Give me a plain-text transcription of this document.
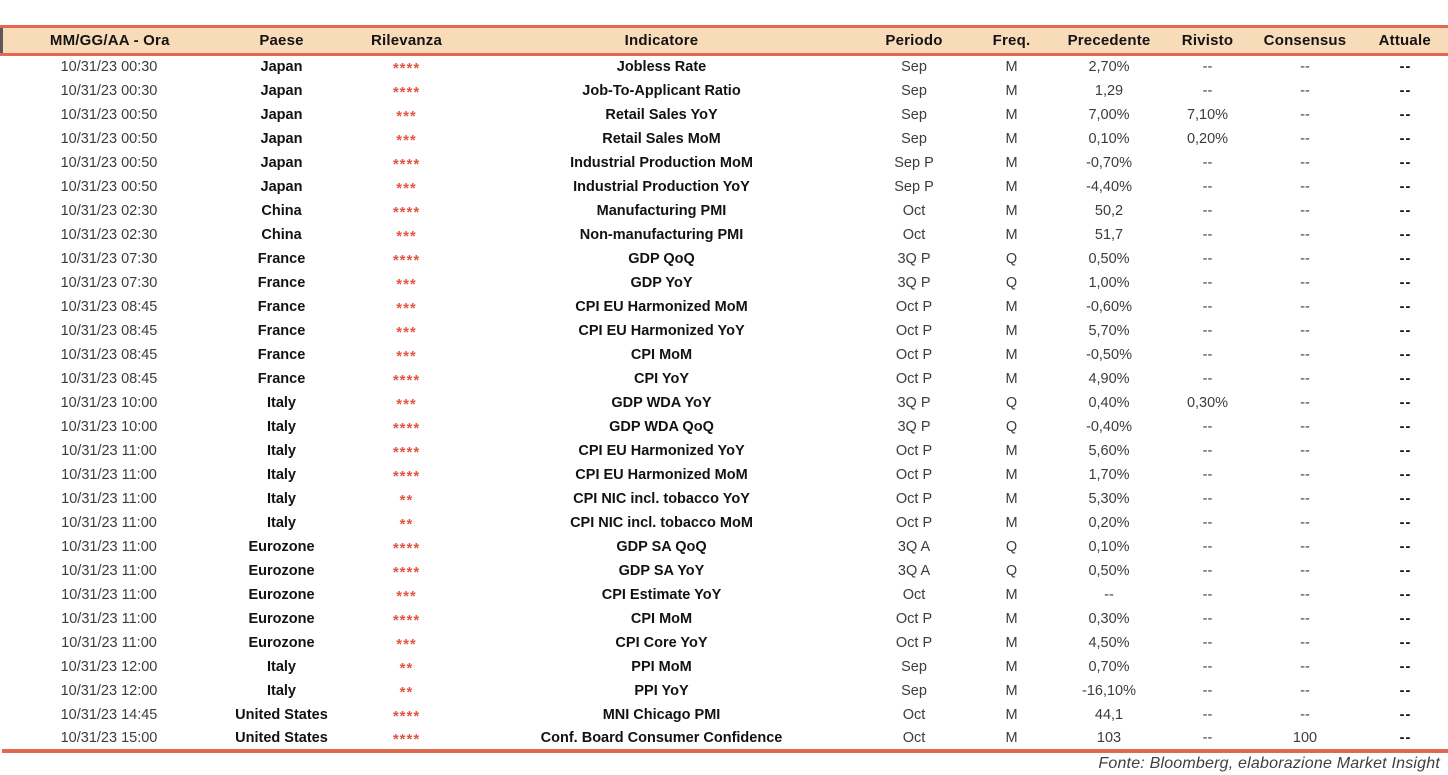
MM/GG/AA - Ora	Paese	Rilevanza	Indicatore	Periodo	Freq.	Precedente	Rivisto	Consensus	Attuale
10/31/23 00:30	Japan	****	Jobless Rate	Sep	M	2,70%	--	--	--
10/31/23 00:30	Japan	****	Job-To-Applicant Ratio	Sep	M	1,29	--	--	--
10/31/23 00:50	Japan	***	Retail Sales YoY	Sep	M	7,00%	7,10%	--	--
10/31/23 00:50	Japan	***	Retail Sales MoM	Sep	M	0,10%	0,20%	--	--
10/31/23 00:50	Japan	****	Industrial Production MoM	Sep P	M	-0,70%	--	--	--
10/31/23 00:50	Japan	***	Industrial Production YoY	Sep P	M	-4,40%	--	--	--
10/31/23 02:30	China	****	Manufacturing PMI	Oct	M	50,2	--	--	--
10/31/23 02:30	China	***	Non-manufacturing PMI	Oct	M	51,7	--	--	--
10/31/23 07:30	France	****	GDP QoQ	3Q P	Q	0,50%	--	--	--
10/31/23 07:30	France	***	GDP YoY	3Q P	Q	1,00%	--	--	--
10/31/23 08:45	France	***	CPI EU Harmonized MoM	Oct P	M	-0,60%	--	--	--
10/31/23 08:45	France	***	CPI EU Harmonized YoY	Oct P	M	5,70%	--	--	--
10/31/23 08:45	France	***	CPI MoM	Oct P	M	-0,50%	--	--	--
10/31/23 08:45	France	****	CPI YoY	Oct P	M	4,90%	--	--	--
10/31/23 10:00	Italy	***	GDP WDA YoY	3Q P	Q	0,40%	0,30%	--	--
10/31/23 10:00	Italy	****	GDP WDA QoQ	3Q P	Q	-0,40%	--	--	--
10/31/23 11:00	Italy	****	CPI EU Harmonized YoY	Oct P	M	5,60%	--	--	--
10/31/23 11:00	Italy	****	CPI EU Harmonized MoM	Oct P	M	1,70%	--	--	--
10/31/23 11:00	Italy	**	CPI NIC incl. tobacco YoY	Oct P	M	5,30%	--	--	--
10/31/23 11:00	Italy	**	CPI NIC incl. tobacco MoM	Oct P	M	0,20%	--	--	--
10/31/23 11:00	Eurozone	****	GDP SA QoQ	3Q A	Q	0,10%	--	--	--
10/31/23 11:00	Eurozone	****	GDP SA YoY	3Q A	Q	0,50%	--	--	--
10/31/23 11:00	Eurozone	***	CPI Estimate YoY	Oct	M	--	--	--	--
10/31/23 11:00	Eurozone	****	CPI MoM	Oct P	M	0,30%	--	--	--
10/31/23 11:00	Eurozone	***	CPI Core YoY	Oct P	M	4,50%	--	--	--
10/31/23 12:00	Italy	**	PPI MoM	Sep	M	0,70%	--	--	--
10/31/23 12:00	Italy	**	PPI YoY	Sep	M	-16,10%	--	--	--
10/31/23 14:45	United States	****	MNI Chicago PMI	Oct	M	44,1	--	--	--
10/31/23 15:00	United States	****	Conf. Board Consumer Confidence	Oct	M	103	--	100	--
Fonte: Bloomberg, elaborazione Market Insight
